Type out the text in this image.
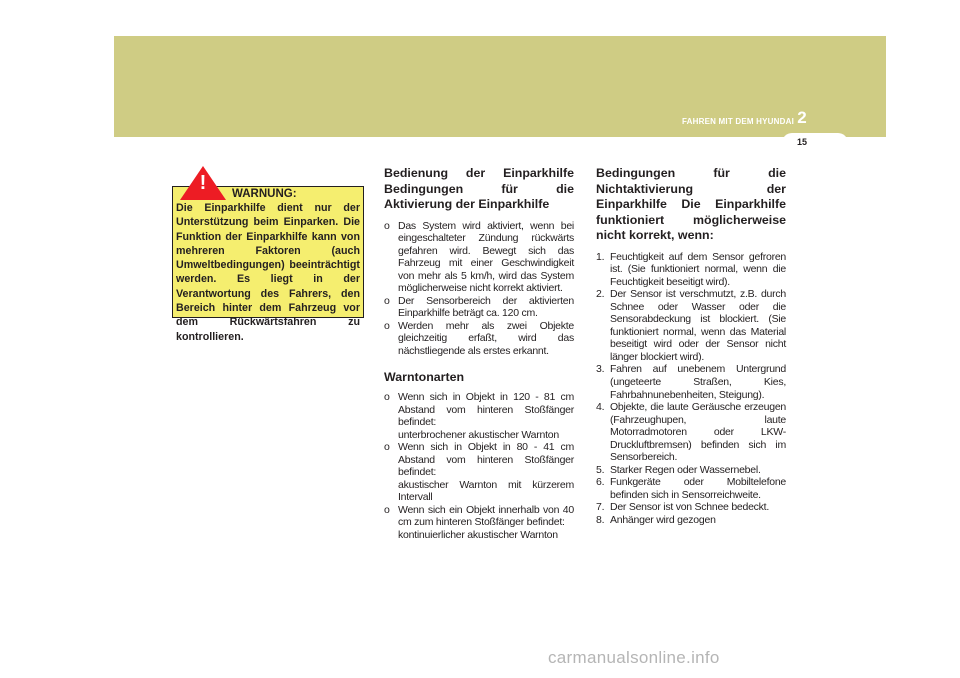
FAHREN MIT DEM HYUNDAI 2
15
Die Einparkhilfe dient nur der Unterstützung beim Einparken. Die Funktion der Einparkhilfe kann von mehreren Faktoren (auch Umweltbedingungen) beeinträchtigt werden. Es liegt in der Verantwortung des Fahrers, den Bereich hinter dem Fahrzeug vor dem Rückwärtsfahren zu kontrollieren.
!	WARNUNG:
Bedienung der Einparkhilfe Bedingungen für die Aktivierung der Einparkhilfe
o Das System wird aktiviert, wenn bei eingeschalteter Zündung rückwärts gefahren wird. Bewegt sich das Fahrzeug mit einer Geschwindigkeit von mehr als 5 km/h, wird das System möglicherweise nicht korrekt aktiviert.
o Der Sensorbereich der aktivierten Einparkhilfe beträgt ca. 120 cm.
o Werden mehr als zwei Objekte gleichzeitig erfaßt, wird das nächstliegende als erstes erkannt.
Warntonarten
o Wenn sich in Objekt in 120 - 81 cm Abstand vom hinteren Stoßfänger befindet:
unterbrochener akustischer Warnton
o Wenn sich in Objekt in 80 - 41 cm Abstand vom hinteren Stoßfänger befindet:
akustischer Warnton mit kürzerem Intervall
o Wenn sich ein Objekt innerhalb von 40 cm zum hinteren Stoßfänger befindet:
kontinuierlicher akustischer Warnton
Bedingungen für die Nichtaktivierung der Einparkhilfe Die Einparkhilfe funktioniert möglicherweise nicht korrekt, wenn:
1. Feuchtigkeit auf dem Sensor gefroren ist. (Sie funktioniert normal, wenn die Feuchtigkeit beseitigt wird).
2. Der Sensor ist verschmutzt, z.B. durch Schnee oder Wasser oder die Sensorabdeckung ist blockiert. (Sie funktioniert normal, wenn das Material beseitigt wird oder der Sensor nicht länger blockiert wird).
3. Fahren auf unebenem Untergrund (ungeteerte Straßen, Kies, Fahrbahnunebenheiten, Steigung).
4. Objekte, die laute Geräusche erzeugen (Fahrzeughupen, laute Motorradmotoren oder LKW-Druckluftbremsen) befinden sich im Sensorbereich.
5. Starker Regen oder Wassernebel.
6. Funkgeräte oder Mobiltelefone befinden sich in Sensorreichweite.
7. Der Sensor ist von Schnee bedeckt.
8. Anhänger wird gezogen
carmanualsonline.info
